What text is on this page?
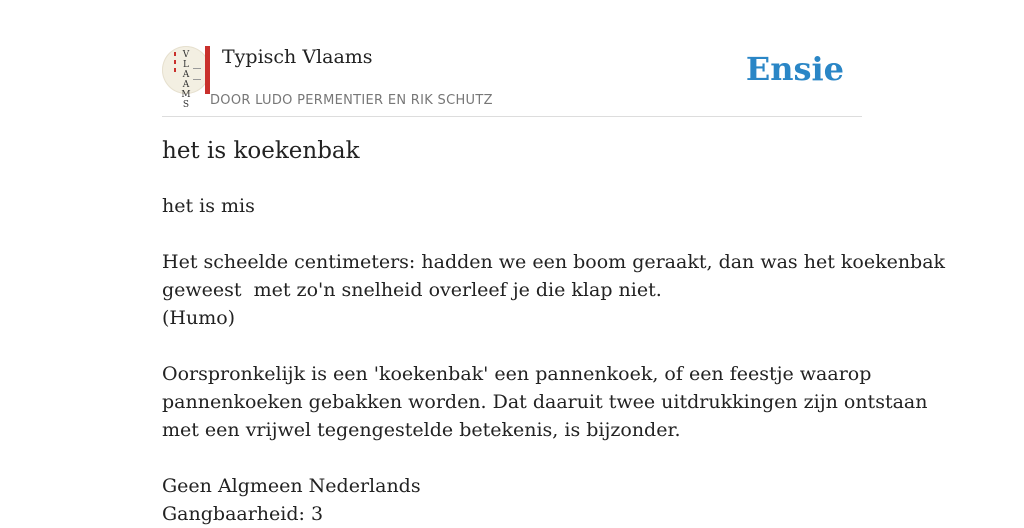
V
L
A
A
M
S
Typisch Vlaams
DOOR LUDO PERMENTIER EN RIK SCHUTZ
Ensie
het is koekenbak
het is mis
Het scheelde centimeters: hadden we een boom geraakt, dan was het koekenbak
geweest  met zo'n snelheid overleef je die klap niet.
(Humo)
Oorspronkelijk is een 'koekenbak' een pannenkoek, of een feestje waarop
pannenkoeken gebakken worden. Dat daaruit twee uitdrukkingen zijn ontstaan
met een vrijwel tegengestelde betekenis, is bijzonder.
Geen Algmeen Nederlands
Gangbaarheid: 3
